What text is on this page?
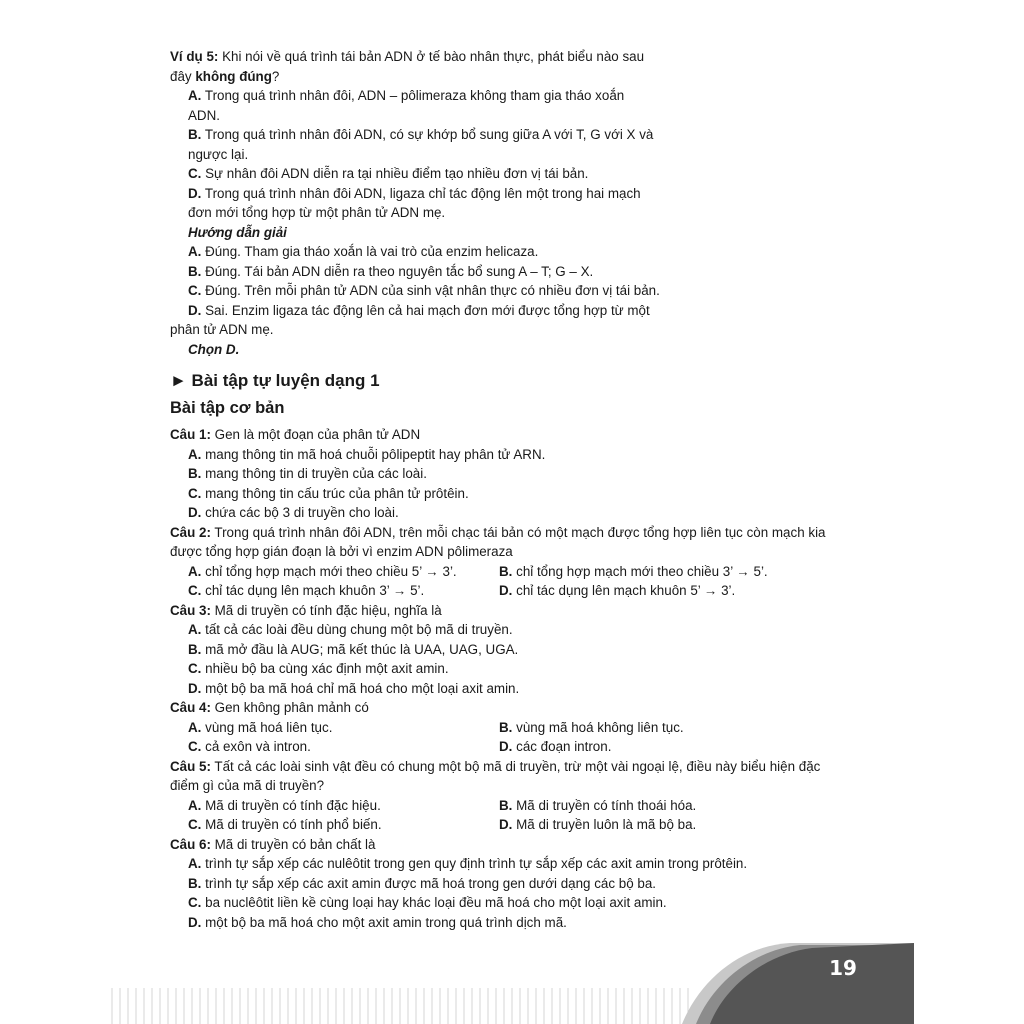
Ví dụ 5: Khi nói về quá trình tái bản ADN ở tế bào nhân thực, phát biểu nào sau
đây không đúng?
A. Trong quá trình nhân đôi, ADN – pôlimeraza không tham gia tháo xoắn
ADN.
B. Trong quá trình nhân đôi ADN, có sự khớp bổ sung giữa A với T, G với X và
ngược lại.
C. Sự nhân đôi ADN diễn ra tại nhiều điểm tạo nhiều đơn vị tái bản.
D. Trong quá trình nhân đôi ADN, ligaza chỉ tác động lên một trong hai mạch
đơn mới tổng hợp từ một phân tử ADN mẹ.
Hướng dẫn giải
A. Đúng. Tham gia tháo xoắn là vai trò của enzim helicaza.
B. Đúng. Tái bản ADN diễn ra theo nguyên tắc bổ sung A – T; G – X.
C. Đúng. Trên mỗi phân tử ADN của sinh vật nhân thực có nhiều đơn vị tái bản.
D. Sai. Enzim ligaza tác động lên cả hai mạch đơn mới được tổng hợp từ một
phân tử ADN mẹ.
Chọn D.
► Bài tập tự luyện dạng 1
Bài tập cơ bản
Câu 1: Gen là một đoạn của phân tử ADN
A. mang thông tin mã hoá chuỗi pôlipeptit hay phân tử ARN.
B. mang thông tin di truyền của các loài.
C. mang thông tin cấu trúc của phân tử prôtêin.
D. chứa các bộ 3 di truyền cho loài.
Câu 2: Trong quá trình nhân đôi ADN, trên mỗi chạc tái bản có một mạch được tổng hợp liên tục còn mạch kia
được tổng hợp gián đoạn là bởi vì enzim ADN pôlimeraza
A. chỉ tổng hợp mạch mới theo chiều 5’ → 3’.	B. chỉ tổng hợp mạch mới theo chiều 3’ → 5’.
C. chỉ tác dụng lên mạch khuôn 3’ → 5’.	D. chỉ tác dụng lên mạch khuôn 5’ → 3’.
Câu 3: Mã di truyền có tính đặc hiệu, nghĩa là
A. tất cả các loài đều dùng chung một bộ mã di truyền.
B. mã mở đầu là AUG; mã kết thúc là UAA, UAG, UGA.
C. nhiều bộ ba cùng xác định một axit amin.
D. một bộ ba mã hoá chỉ mã hoá cho một loại axit amin.
Câu 4: Gen không phân mảnh có
A. vùng mã hoá liên tục.	B. vùng mã hoá không liên tục.
C. cả exôn và intron.	D. các đoạn intron.
Câu 5: Tất cả các loài sinh vật đều có chung một bộ mã di truyền, trừ một vài ngoại lệ, điều này biểu hiện đặc
điểm gì của mã di truyền?
A. Mã di truyền có tính đặc hiệu.	B. Mã di truyền có tính thoái hóa.
C. Mã di truyền có tính phổ biến.	D. Mã di truyền luôn là mã bộ ba.
Câu 6: Mã di truyền có bản chất là
A. trình tự sắp xếp các nulêôtit trong gen quy định trình tự sắp xếp các axit amin trong prôtêin.
B. trình tự sắp xếp các axit amin được mã hoá trong gen dưới dạng các bộ ba.
C. ba nuclêôtit liền kề cùng loại hay khác loại đều mã hoá cho một loại axit amin.
D. một bộ ba mã hoá cho một axit amin trong quá trình dịch mã.
19
